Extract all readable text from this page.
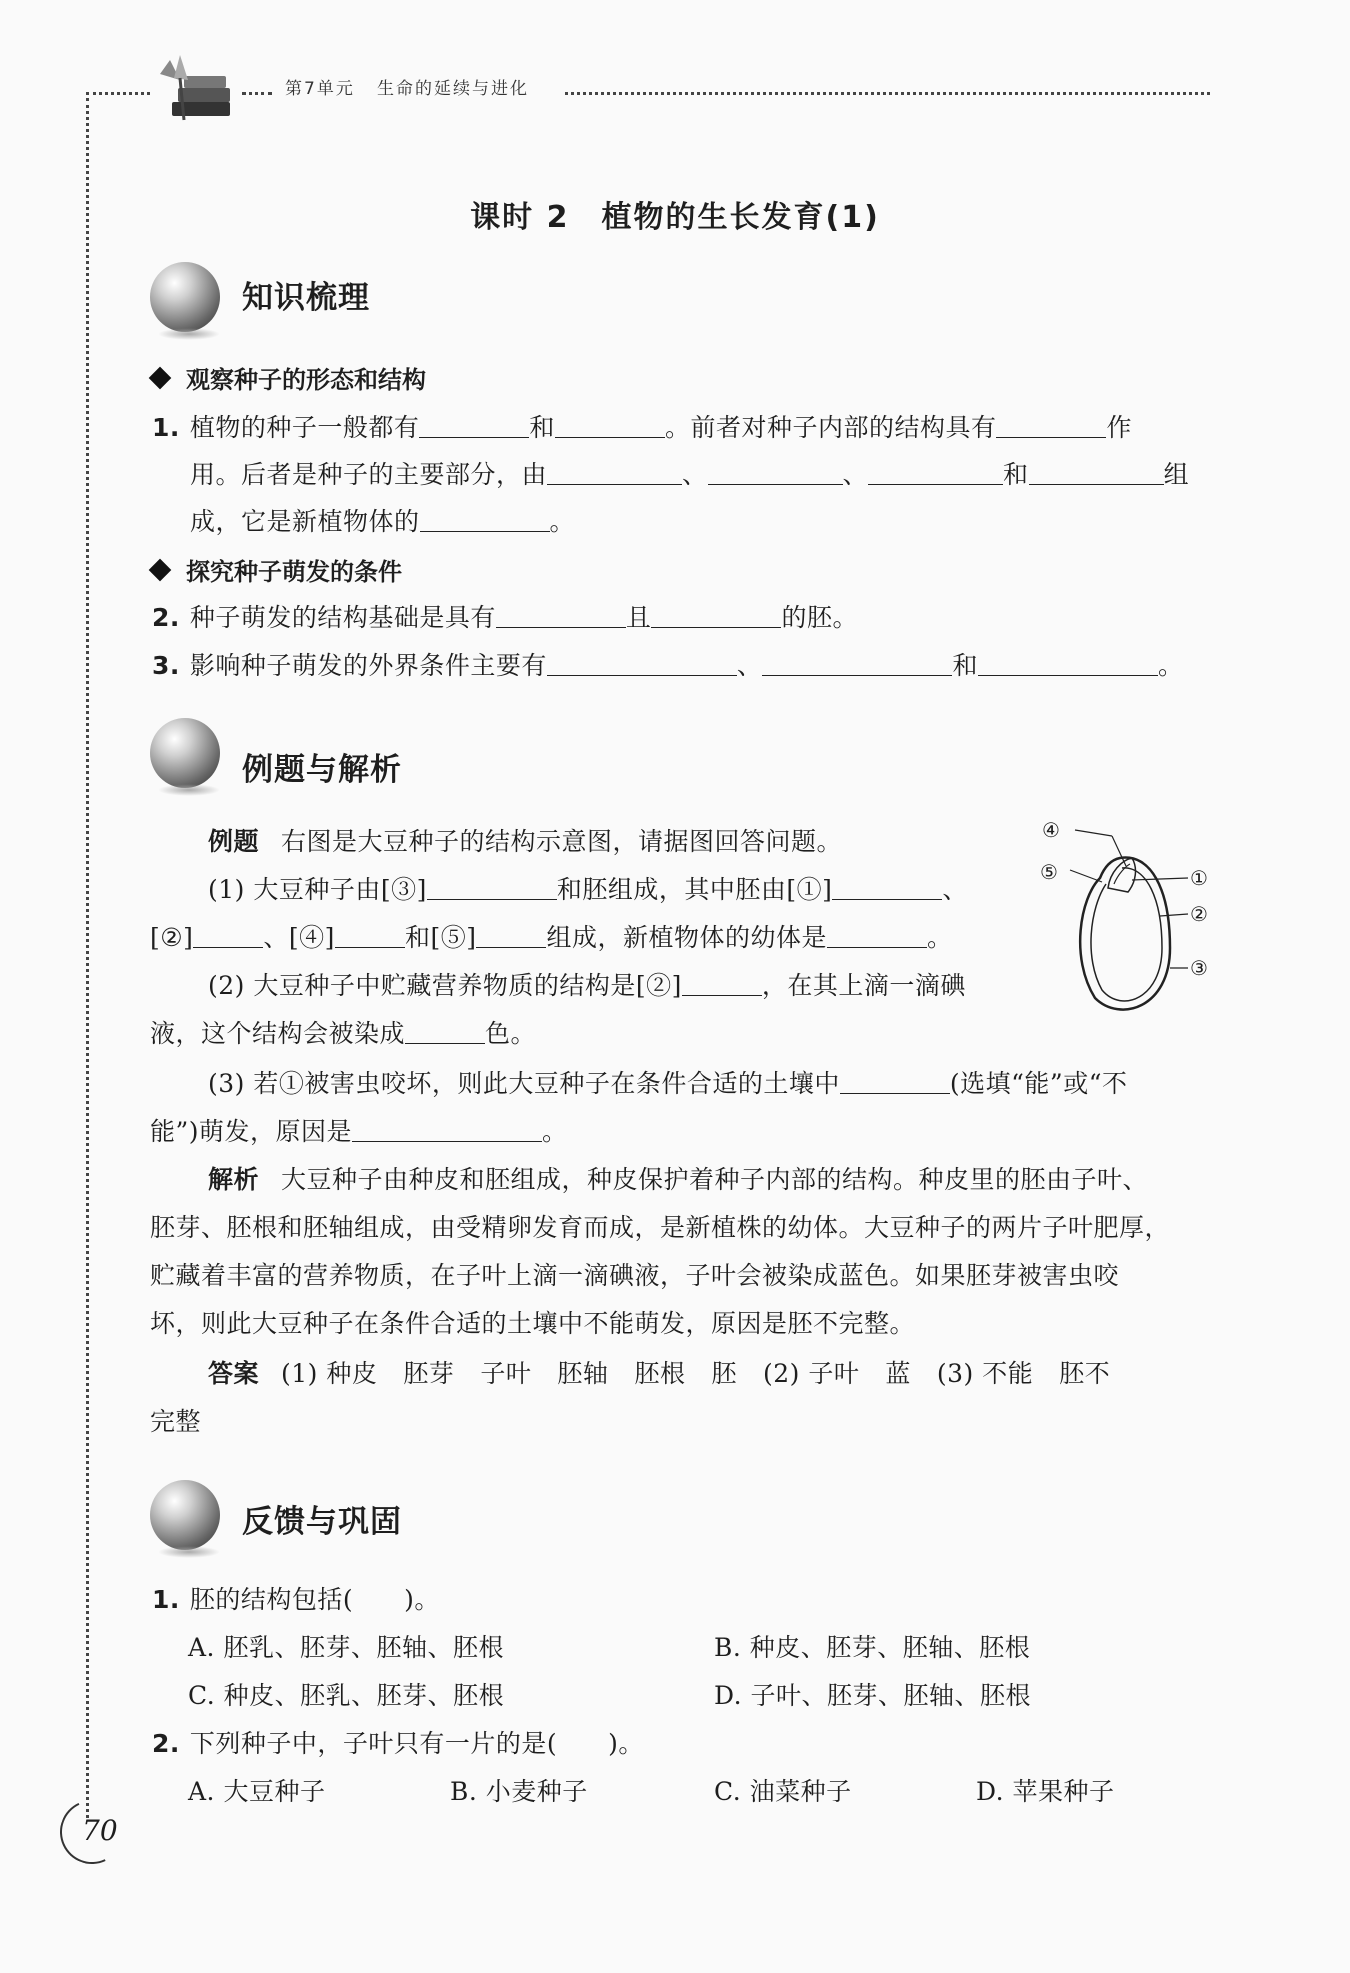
第7单元 生命的延续与进化
课时 2　植物的生长发育(1)
知识梳理
观察种子的形态和结构
1. 植物的种子一般都有	和	。前者对种子内部的结构具有	作
用。后者是种子的主要部分，由	、	、	和	组
成，它是新植物体的	。
探究种子萌发的条件
2. 种子萌发的结构基础是具有	且	的胚。
3. 影响种子萌发的外界条件主要有	、	和	。
例题与解析
例题 右图是大豆种子的结构示意图，请据图回答问题。
(1) 大豆种子由[③]	和胚组成，其中胚由[①]	、
[②]	、[④]	和[⑤]	组成，新植物体的幼体是	。
(2) 大豆种子中贮藏营养物质的结构是[②]	，在其上滴一滴碘
液，这个结构会被染成	色。
④
⑤	①
②
③
(3) 若①被害虫咬坏，则此大豆种子在条件合适的土壤中	(选填“能”或“不
能”)萌发，原因是	。
解析 大豆种子由种皮和胚组成，种皮保护着种子内部的结构。种皮里的胚由子叶、
胚芽、胚根和胚轴组成，由受精卵发育而成，是新植株的幼体。大豆种子的两片子叶肥厚，
贮藏着丰富的营养物质，在子叶上滴一滴碘液，子叶会被染成蓝色。如果胚芽被害虫咬
坏，则此大豆种子在条件合适的土壤中不能萌发，原因是胚不完整。
答案 (1) 种皮 胚芽 子叶 胚轴 胚根 胚 (2) 子叶 蓝 (3) 不能 胚不
完整
反馈与巩固
1. 胚的结构包括(　　)。
A. 胚乳、胚芽、胚轴、胚根	B. 种皮、胚芽、胚轴、胚根
C. 种皮、胚乳、胚芽、胚根	D. 子叶、胚芽、胚轴、胚根
2. 下列种子中，子叶只有一片的是(　　)。
A. 大豆种子	B. 小麦种子	C. 油菜种子	D. 苹果种子
70
